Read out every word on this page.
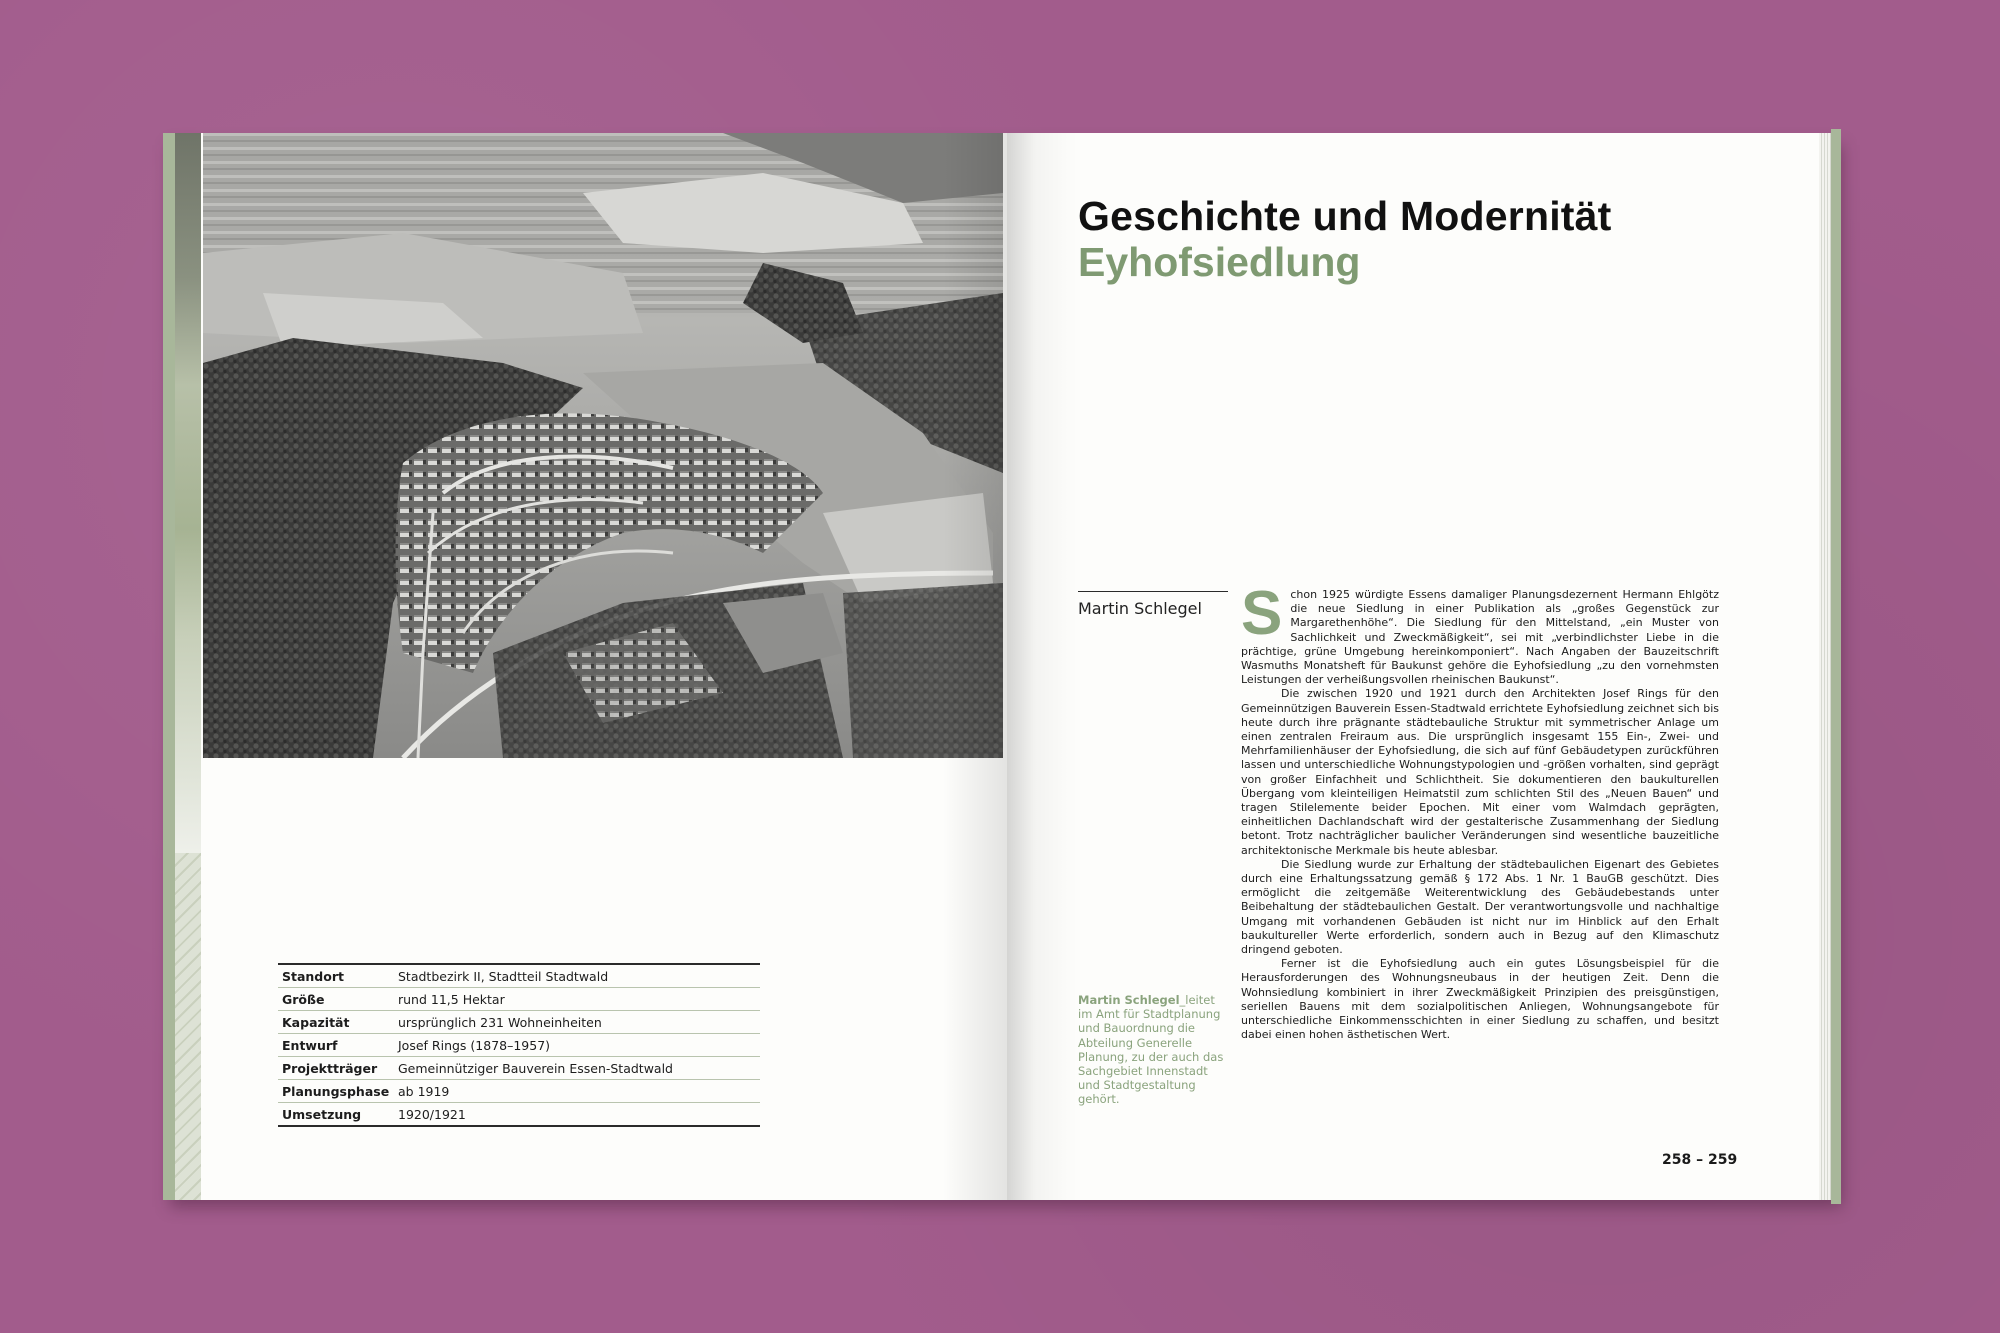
Standort	Stadtbezirk II, Stadtteil Stadtwald
Größe	rund 11,5 Hektar
Kapazität	ursprünglich 231 Wohneinheiten
Entwurf	Josef Rings (1878–1957)
Projektträger	Gemeinnütziger Bauverein Essen-Stadtwald
Planungsphase ab 1919
Umsetzung	1920/1921
Geschichte und Modernität
Eyhofsiedlung
Martin Schlegel
Martin Schlegel_leitet im Amt für Stadtplanung und Bauordnung die Abteilung Generelle Planung, zu der auch das Sachgebiet Innenstadt und Stadtgestaltung gehört.
S chon 1925 würdigte Essens damaliger Planungsdezernent Hermann Ehlgötz die neue Siedlung in einer Publikation als „großes Gegenstück zur Margarethenhöhe“. Die Siedlung für den Mittelstand, „ein Muster von Sachlichkeit und Zweckmäßigkeit“, sei mit „verbindlichster Liebe in die prächtige, grüne Umgebung hereinkomponiert“. Nach Angaben der Bauzeitschrift Wasmuths Monatsheft für Baukunst gehöre die Eyhofsiedlung „zu den vornehmsten Leistungen der verheißungsvollen rheinischen Baukunst“.

Die zwischen 1920 und 1921 durch den Architekten Josef Rings für den Gemeinnützigen Bauverein Essen-Stadtwald errichtete Eyhofsiedlung zeichnet sich bis heute durch ihre prägnante städtebauliche Struktur mit symmetrischer Anlage um einen zentralen Freiraum aus. Die ursprünglich insgesamt 155 Ein-, Zwei- und Mehrfamilienhäuser der Eyhofsiedlung, die sich auf fünf Gebäudetypen zurückführen lassen und unterschiedliche Wohnungstypologien und -größen vorhalten, sind geprägt von großer Einfachheit und Schlichtheit. Sie dokumentieren den baukulturellen Übergang vom kleinteiligen Heimatstil zum schlichten Stil des „Neuen Bauen“ und tragen Stilelemente beider Epochen. Mit einer vom Walmdach geprägten, einheitlichen Dachlandschaft wird der gestalterische Zusammenhang der Siedlung betont. Trotz nachträglicher baulicher Veränderungen sind wesentliche bauzeitliche architektonische Merkmale bis heute ablesbar.

Die Siedlung wurde zur Erhaltung der städtebaulichen Eigenart des Gebietes durch eine Erhaltungssatzung gemäß § 172 Abs. 1 Nr. 1 BauGB geschützt. Dies ermöglicht die zeitgemäße Weiterentwicklung des Gebäudebestands unter Beibehaltung der städtebaulichen Gestalt. Der verantwortungsvolle und nachhaltige Umgang mit vorhandenen Gebäuden ist nicht nur im Hinblick auf den Erhalt baukultureller Werte erforderlich, sondern auch in Bezug auf den Klimaschutz dringend geboten.

Ferner ist die Eyhofsiedlung auch ein gutes Lösungsbeispiel für die Herausforderungen des Wohnungsneubaus in der heutigen Zeit. Denn die Wohnsiedlung kombiniert in ihrer Zweckmäßigkeit Prinzipien des preisgünstigen, seriellen Bauens mit dem sozialpolitischen Anliegen, Wohnungsangebote für unterschiedliche Einkommensschichten in einer Siedlung zu schaffen, und besitzt dabei einen hohen ästhetischen Wert.

258 – 259
